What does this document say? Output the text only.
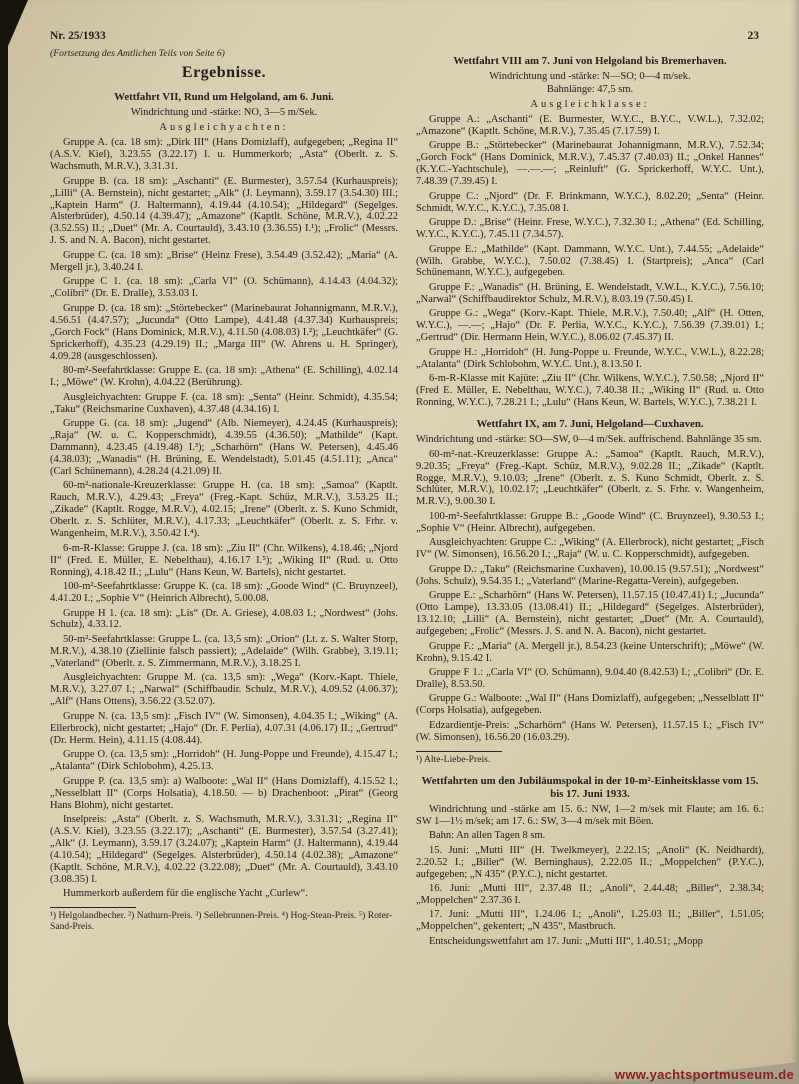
Nr. 25/1933	23
(Fortsetzung des Amtlichen Teils von Seite 6)
Ergebnisse.
Wettfahrt VII, Rund um Helgoland, am 6. Juni.
Windrichtung und -stärke: NO, 3—5 m/Sek.
Ausgleichyachten:

Gruppe A. (ca. 18 sm): „Dirk III“ (Hans Domizlaff), aufgegeben; „Regina II“ (A.S.V. Kiel), 3.23.55 (3.22.17) I. u. Hummerkorb; „Asta“ (Oberlt. z. S. Wachsmuth, M.R.V.), 3.31.31.

Gruppe B. (ca. 18 sm): „Aschanti“ (E. Burmester), 3.57.54 (Kurhauspreis); „Lilli“ (A. Bernstein), nicht gestartet; „Alk“ (J. Leymann), 3.59.17 (3.54.30) III.; „Kaptein Harm“ (J. Haltermann), 4.19.44 (4.10.54); „Hildegard“ (Segelges. Alsterbrüder), 4.50.14 (4.39.47); „Amazone“ (Kaptlt. Schöne, M.R.V.), 4.02.22 (3.52.55) II.; „Duet“ (Mr. A. Courtauld), 3.43.10 (3.36.55) I.¹); „Frolic“ (Messrs. J. S. and N. A. Bacon), nicht gestartet.

Gruppe C. (ca. 18 sm): „Brise“ (Heinz Frese), 3.54.49 (3.52.42); „Maria“ (A. Mergell jr.), 3.40.24 I.

Gruppe C 1. (ca. 18 sm): „Carla VI“ (O. Schümann), 4.14.43 (4.04.32); „Colibri“ (Dr. E. Dralle), 3.53.03 I.

Gruppe D. (ca. 18 sm): „Störtebecker“ (Marinebaurat Johannigmann, M.R.V.), 4.56.51 (4.47.57); „Jucunda“ (Otto Lampe), 4.41.48 (4.37.34) Kurhauspreis; „Gorch Fock“ (Hans Dominick, M.R.V.), 4.11.50 (4.08.03) I.²); „Leuchtkäfer“ (G. Sprickerhoff), 4.35.23 (4.29.19) II.; „Marga III“ (W. Ahrens u. H. Springer), 4.09.28 (ausgeschlossen).

80-m²-Seefahrtklasse: Gruppe E. (ca. 18 sm): „Athena“ (E. Schilling), 4.02.14 I.; „Möwe“ (W. Krohn), 4.04.22 (Berührung).

Ausgleichyachten: Gruppe F. (ca. 18 sm): „Senta“ (Heinr. Schmidt), 4.35.54; „Taku“ (Reichsmarine Cuxhaven), 4.37.48 (4.34.16) I.

Gruppe G. (ca. 18 sm): „Jugend“ (Alb. Niemeyer), 4.24.45 (Kurhauspreis); „Raja“ (W. u. C. Kopperschmidt), 4.39.55 (4.36.50); „Mathilde“ (Kapt. Dammann), 4.23.45 (4.19.48) I.³); „Scharhörn“ (Hans W. Petersen), 4.45.46 (4.38.03); „Wanadis“ (H. Brüning, E. Wendelstadt), 5.01.45 (4.51.11); „Anca“ (Carl Schünemann), 4.28.24 (4.21.09) II.

60-m²-nationale-Kreuzerklasse: Gruppe H. (ca. 18 sm): „Samoa“ (Kaptlt. Rauch, M.R.V.), 4.29.43; „Freya“ (Freg.-Kapt. Schüz, M.R.V.), 3.53.25 II.; „Zikade“ (Kaptlt. Rogge, M.R.V.), 4.02.15; „Irene“ (Oberlt. z. S. Kuno Schmidt, Oberlt. z. S. Schlüter, M.R.V.), 4.17.33; „Leuchtkäfer“ (Oberlt. z. S. Frhr. v. Wangenheim, M.R.V.), 3.50.42 I.⁴).

6-m-R-Klasse: Gruppe J. (ca. 18 sm): „Ziu II“ (Chr. Wilkens), 4.18.46; „Njord II“ (Fred. E. Müller, E. Nebelthau), 4.16.17 I.⁵); „Wiking II“ (Rud. u. Otto Ronning), 4.18.42 II.; „Lulu“ (Hans Keun, W. Bartels), nicht gestartet.

100-m²-Seefahrtklasse: Gruppe K. (ca. 18 sm): „Goode Wind“ (C. Bruynzeel), 4.41.20 I.; „Sophie V“ (Heinrich Albrecht), 5.00.08.

Gruppe H 1. (ca. 18 sm): „Lis“ (Dr. A. Griese), 4.08.03 I.; „Nordwest“ (Johs. Schulz), 4.33.12.

50-m²-Seefahrtklasse: Gruppe L. (ca. 13,5 sm): „Orion“ (Lt. z. S. Walter Storp, M.R.V.), 4.38.10 (Ziellinie falsch passiert); „Adelaide“ (Wilh. Grabbe), 3.19.11; „Vaterland“ (Oberlt. z. S. Zimmermann, M.R.V.), 3.18.25 I.

Ausgleichyachten: Gruppe M. (ca. 13,5 sm): „Wega“ (Korv.-Kapt. Thiele, M.R.V.), 3.27.07 I.; „Narwal“ (Schiffbaudir. Schulz, M.R.V.), 4.09.52 (4.06.37); „Alf“ (Hans Ottens), 3.56.22 (3.52.07).

Gruppe N. (ca. 13,5 sm): „Fisch IV“ (W. Simonsen), 4.04.35 I.; „Wiking“ (A. Ellerbrock), nicht gestartet; „Hajo“ (Dr. F. Perlia), 4.07.31 (4.06.17) II.; „Gertrud“ (Dr. Herm. Hein), 4.11.15 (4.08.44).

Gruppe O. (ca. 13,5 sm): „Horridoh“ (H. Jung-Poppe und Freunde), 4.15.47 I.; „Atalanta“ (Dirk Schlobohm), 4.25.13.

Gruppe P. (ca. 13,5 sm): a) Walboote: „Wal II“ (Hans Domizlaff), 4.15.52 I.; „Nesselblatt II“ (Corps Holsatia), 4.18.50. — b) Drachenboot: „Pirat“ (Georg Hans Blohm), nicht gestartet.

Inselpreis: „Asta“ (Oberlt. z. S. Wachsmuth, M.R.V.), 3.31.31; „Regina II“ (A.S.V. Kiel), 3.23.55 (3.22.17); „Aschanti“ (E. Burmester), 3.57.54 (3.27.41); „Alk“ (J. Leymann), 3.59.17 (3.24.07); „Kaptein Harm“ (J. Haltermann), 4.19.44 (4.10.54); „Hildegard“ (Segelges. Alsterbrüder), 4.50.14 (4.02.38); „Amazone“ (Kaptlt. Schöne, M.R.V.), 4.02.22 (3.22.08); „Duet“ (Mr. A. Courtauld), 3.43.10 (3.08.35) I.

Hummerkorb außerdem für die englische Yacht „Curlew“.

¹) Helgolandbecher. ²) Nathurn-Preis. ³) Sellebrunnen-Preis. ⁴) Hog-Stean-Preis. ⁵) Roter-Sand-Preis.
Wettfahrt VIII am 7. Juni von Helgoland bis Bremerhaven.
Windrichtung und -stärke: N—SO; 0—4 m/sek.
Bahnlänge: 47,5 sm.
Ausgleichklasse:

Gruppe A.: „Aschanti“ (E. Burmester, W.Y.C., B.Y.C., V.W.L.), 7.32.02; „Amazone“ (Kaptlt. Schöne, M.R.V.), 7.35.45 (7.17.59) I.

Gruppe B.: „Störtebecker“ (Marinebaurat Johannigmann, M.R.V.), 7.52.34; „Gorch Fock“ (Hans Dominick, M.R.V.), 7.45.37 (7.40.03) II.; „Onkel Hannes“ (K.Y.C.-Yachtschule), —.—.—; „Reinluft“ (G. Sprickerhoff, W.Y.C. Unt.), 7.48.39 (7.39.45) I.

Gruppe C.: „Njord“ (Dr. F. Brinkmann, W.Y.C.), 8.02.20; „Senta“ (Heinr. Schmidt, W.Y.C., K.Y.C.), 7.35.08 I.

Gruppe D.: „Brise“ (Heinr. Frese, W.Y.C.), 7.32.30 I.; „Athena“ (Ed. Schilling, W.Y.C., K.Y.C.), 7.45.11 (7.34.57).

Gruppe E.: „Mathilde“ (Kapt. Dammann, W.Y.C. Unt.), 7.44.55; „Adelaide“ (Wilh. Grabbe, W.Y.C.), 7.50.02 (7.38.45) I. (Startpreis); „Anca“ (Carl Schünemann, W.Y.C.), aufgegeben.

Gruppe F.: „Wanadis“ (H. Brüning, E. Wendelstadt, V.W.L., K.Y.C.), 7.56.10; „Narwal“ (Schiffbaudirektor Schulz, M.R.V.), 8.03.19 (7.50.45) I.

Gruppe G.: „Wega“ (Korv.-Kapt. Thiele, M.R.V.), 7.50.40; „Alf“ (H. Otten, W.Y.C.), —.—; „Hajo“ (Dr. F. Perlia, W.Y.C., K.Y.C.), 7.56.39 (7.39.01) I.; „Gertrud“ (Dir. Hermann Hein, W.Y.C.), 8.06.02 (7.45.37) II.

Gruppe H.: „Horridoh“ (H. Jung-Poppe u. Freunde, W.Y.C., V.W.L.), 8.22.28; „Atalanta“ (Dirk Schlobohm, W.Y.C. Unt.), 8.13.50 I.

6-m-R-Klasse mit Kajüte: „Ziu II“ (Chr. Wilkens, W.Y.C.), 7.50.58; „Njord II“ (Fred E. Müller, E. Nebelthau, W.Y.C.), 7.40.38 II.; „Wiking II“ (Rud. u. Otto Ronning, W.Y.C.), 7.28.21 I.; „Lulu“ (Hans Keun, W. Bartels, W.Y.C.), 7.38.21 I.

Wettfahrt IX, am 7. Juni, Helgoland—Cuxhaven.
Windrichtung und -stärke: SO—SW, 0—4 m/Sek. auffrischend. Bahnlänge 35 sm.

60-m²-nat.-Kreuzerklasse: Gruppe A.: „Samoa“ (Kaptlt. Rauch, M.R.V.), 9.20.35; „Freya“ (Freg.-Kapt. Schüz, M.R.V.), 9.02.28 II.; „Zikade“ (Kaptlt. Rogge, M.R.V.), 9.10.03; „Irene“ (Oberlt. z. S. Kuno Schmidt, Oberlt. z. S. Schlüter, M.R.V.), 10.02.17; „Leuchtkäfer“ (Oberlt. z. S. Frhr. v. Wangenheim, M.R.V.), 9.00.30 I.

100-m²-Seefahrtklasse: Gruppe B.: „Goode Wind“ (C. Bruynzeel), 9.30.53 I.; „Sophie V“ (Heinr. Albrecht), aufgegeben.

Ausgleichyachten: Gruppe C.: „Wiking“ (A. Ellerbrock), nicht gestartet; „Fisch IV“ (W. Simonsen), 16.56.20 I.; „Raja“ (W. u. C. Kopperschmidt), aufgegeben.

Gruppe D.: „Taku“ (Reichsmarine Cuxhaven), 10.00.15 (9.57.51); „Nordwest“ (Johs. Schulz), 9.54.35 I.; „Vaterland“ (Marine-Regatta-Verein), aufgegeben.

Gruppe E.: „Scharhörn“ (Hans W. Petersen), 11.57.15 (10.47.41) I.; „Jucunda“ (Otto Lampe), 13.33.05 (13.08.41) II.; „Hildegard“ (Segelges. Alsterbrüder), 13.12.10; „Lilli“ (A. Bernstein), nicht gestartet; „Duet“ (Mr. A. Courtauld), aufgegeben; „Frolic“ (Messrs. J. S. and N. A. Bacon), nicht gestartet.

Gruppe F.: „Maria“ (A. Mergell jr.), 8.54.23 (keine Unterschrift); „Möwe“ (W. Krohn), 9.15.42 I.

Gruppe F 1.: „Carla VI“ (O. Schümann), 9.04.40 (8.42.53) I.; „Colibri“ (Dr. E. Dralle), 8.53.50.

Gruppe G.: Walboote: „Wal II“ (Hans Domizlaff), aufgegeben; „Nesselblatt II“ (Corps Holsatia), aufgegeben.

Edzardientje-Preis: „Scharhörn“ (Hans W. Petersen), 11.57.15 I.; „Fisch IV“ (W. Simonsen), 16.56.20 (16.03.29).

¹) Alte-Liebe-Preis.
Wettfahrten um den Jubiläumspokal in der 10-m²-Einheitsklasse vom 15. bis 17. Juni 1933.

Windrichtung und -stärke am 15. 6.: NW, 1—2 m/sek mit Flaute; am 16. 6.: SW 1—1½ m/sek; am 17. 6.: SW, 3—4 m/sek mit Böen.

Bahn: An allen Tagen 8 sm.

15. Juni: „Mutti III“ (H. Twelkmeyer), 2.22.15; „Anoli“ (K. Neidhardt), 2.20.52 I.; „Biller“ (W. Berninghaus), 2.22.05 II.; „Moppelchen“ (P.Y.C.), aufgegeben; „N 435“ (P.Y.C.), nicht gestartet.

16. Juni: „Mutti III“, 2.37.48 II.; „Anoli“, 2.44.48; „Biller“, 2.38.34; „Moppelchen“ 2.37.36 I.

17. Juni: „Mutti III“, 1.24.06 I.; „Anoli“, 1.25.03 II.; „Biller“, 1.51.05; „Moppelchen“, gekentert; „N 435“, Mastbruch.

Entscheidungswettfahrt am 17. Juni: „Mutti III“, 1.40.51; „Mopp

www.yachtsportmuseum.de
